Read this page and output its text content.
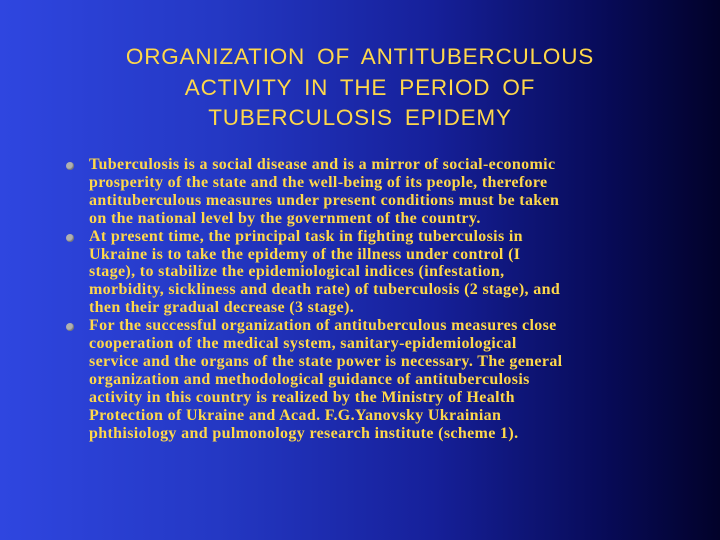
ORGANIZATION OF ANTITUBERCULOUS
ACTIVITY IN THE PERIOD OF
TUBERCULOSIS EPIDEMY
Tuberculosis is a social disease and is a mirror of social-economic
prosperity of the state and the well-being of its people, therefore
antituberculous measures under present conditions must be taken
on the national level by the government of the country.
At present time, the principal task in fighting tuberculosis in
Ukraine is to take the epidemy of the illness under control (I
stage), to stabilize the epidemiological indices (infestation,
morbidity, sickliness and death rate) of tuberculosis (2 stage), and
then their gradual decrease (3 stage).
For the successful organization of antituberculous measures close
cooperation of the medical system, sanitary-epidemiological
service and the organs of the state power is necessary. The general
organization and methodological guidance of antituberculosis
activity in this country is realized by the Ministry of Health
Protection of Ukraine and Acad. F.G.Yanovsky Ukrainian
phthisiology and pulmonology research institute (scheme 1).
